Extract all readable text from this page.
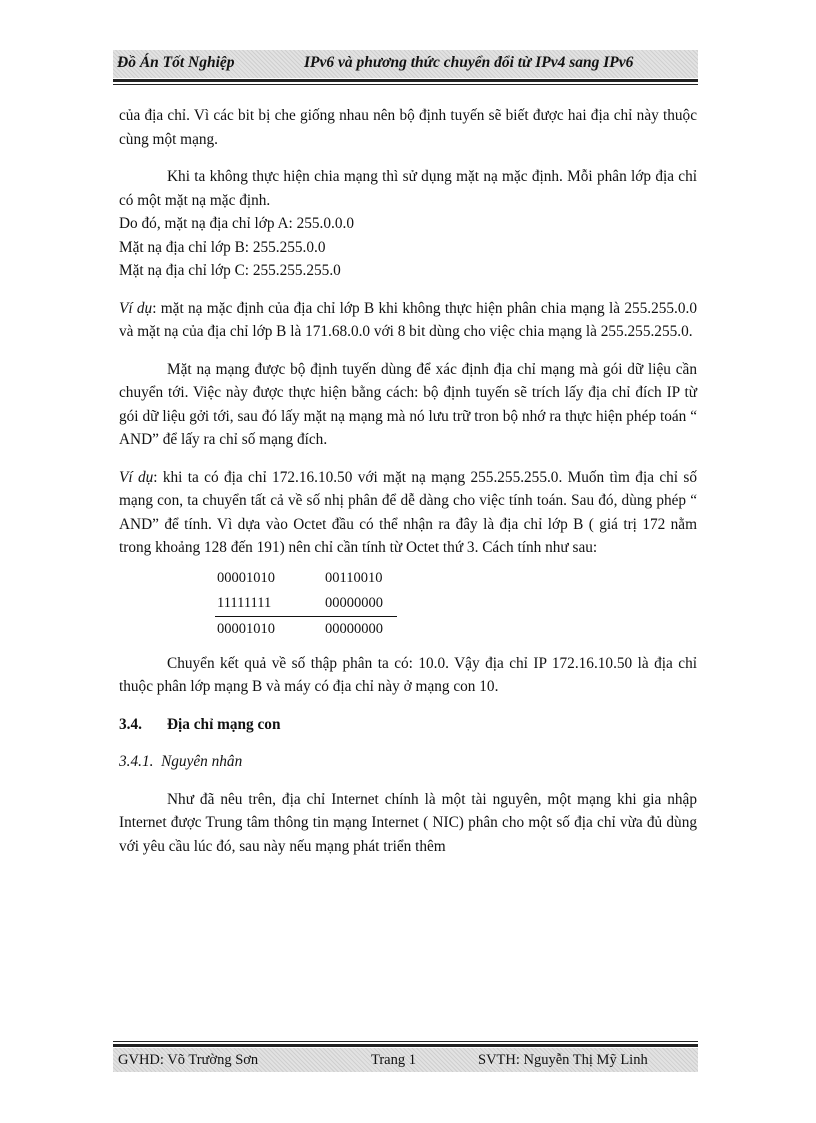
Đồ Án Tốt Nghiệp	IPv6 và phương thức chuyển đổi từ IPv4 sang IPv6

của địa chỉ. Vì các bit bị che giống nhau nên bộ định tuyến sẽ biết được hai địa chỉ này thuộc cùng một mạng.

Khi ta không thực hiện chia mạng thì sử dụng mặt nạ mặc định. Mỗi phân lớp địa chỉ có một mặt nạ mặc định.

Do đó, mặt nạ địa chỉ lớp A: 255.0.0.0

Mặt nạ địa chỉ lớp B: 255.255.0.0

Mặt nạ địa chỉ lớp C: 255.255.255.0

Ví dụ: mặt nạ mặc định của địa chỉ lớp B khi không thực hiện phân chia mạng là 255.255.0.0 và mặt nạ của địa chỉ lớp B là 171.68.0.0 với 8 bit dùng cho việc chia mạng là 255.255.255.0.

Mặt nạ mạng được bộ định tuyến dùng để xác định địa chỉ mạng mà gói dữ liệu cần chuyển tới. Việc này được thực hiện bằng cách: bộ định tuyến sẽ trích lấy địa chỉ đích IP từ gói dữ liệu gởi tới, sau đó lấy mặt nạ mạng mà nó lưu trữ tron bộ nhớ ra thực hiện phép toán “ AND” để lấy ra chỉ số mạng đích.

Ví dụ: khi ta có địa chỉ 172.16.10.50 với mặt nạ mạng 255.255.255.0. Muốn tìm địa chỉ số mạng con, ta chuyển tất cả về số nhị phân để dễ dàng cho việc tính toán. Sau đó, dùng phép “ AND” để tính. Vì dựa vào Octet đầu có thể nhận ra đây là địa chỉ lớp B ( giá trị 172 nằm trong khoảng 128 đến 191) nên chỉ cần tính từ Octet thứ 3. Cách tính như sau:

00001010	00110010
11111111	00000000
00001010	00000000

Chuyển kết quả về số thập phân ta có: 10.0. Vậy địa chỉ IP 172.16.10.50 là địa chỉ thuộc phân lớp mạng B và máy có địa chỉ này ở mạng con 10.

3.4.	Địa chỉ mạng con
3.4.1. Nguyên nhân

Như đã nêu trên, địa chỉ Internet chính là một tài nguyên, một mạng khi gia nhập Internet được Trung tâm thông tin mạng Internet ( NIC) phân cho một số địa chỉ vừa đủ dùng với yêu cầu lúc đó, sau này nếu mạng phát triển thêm

GVHD: Võ Trường Sơn	Trang 1	SVTH: Nguyễn Thị Mỹ Linh
